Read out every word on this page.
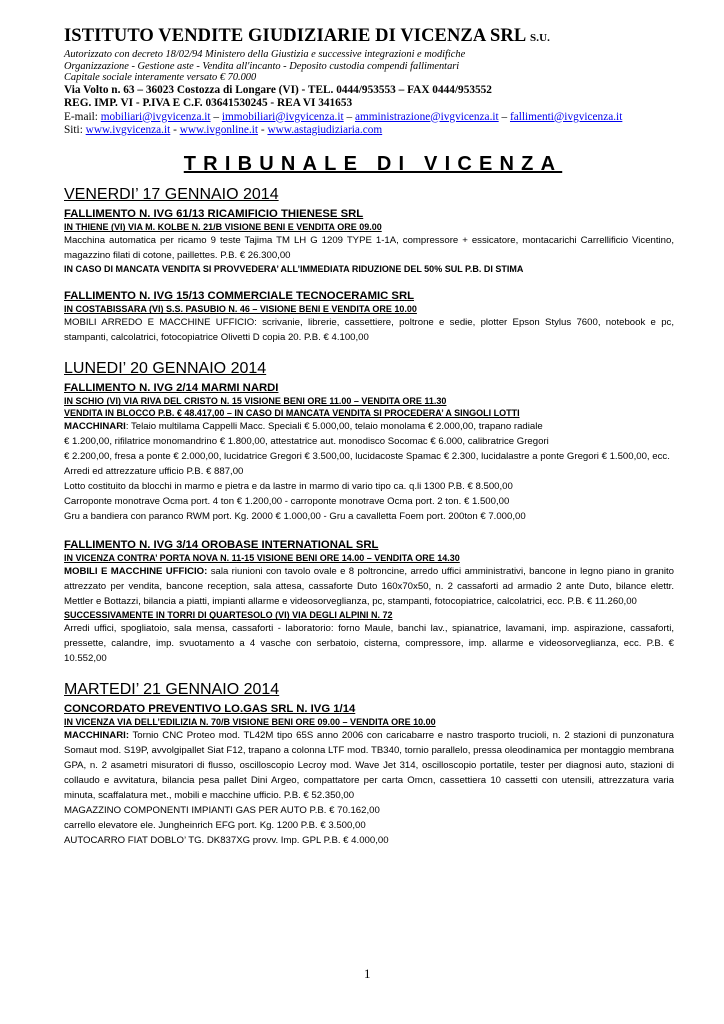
ISTITUTO VENDITE GIUDIZIARIE DI VICENZA SRL S.U.
Autorizzato con decreto 18/02/94 Ministero della Giustizia e successive integrazioni e modifiche
Organizzazione - Gestione aste - Vendita all'incanto - Deposito custodia compendi fallimentari
Capitale sociale interamente versato € 70.000
Via Volto n. 63 – 36023 Costozza di Longare (VI) - TEL. 0444/953553 – FAX 0444/953552
REG. IMP. VI - P.IVA E C.F. 03641530245 - REA VI 341653
E-mail: mobiliari@ivgvicenza.it – immobiliari@ivgvicenza.it – amministrazione@ivgvicenza.it – fallimenti@ivgvicenza.it
Siti: www.ivgvicenza.it - www.ivgonline.it - www.astagiudiziaria.com
TRIBUNALE DI VICENZA
VENERDI’ 17 GENNAIO 2014
FALLIMENTO N. IVG 61/13 RICAMIFICIO THIENESE SRL
IN THIENE (VI) VIA M. KOLBE N. 21/B VISIONE BENI E VENDITA ORE 09.00
Macchina automatica per ricamo 9 teste Tajima TM LH G 1209 TYPE 1-1A, compressore + essicatore, montacarichi Carrellificio Vicentino, magazzino filati di cotone, paillettes. P.B. € 26.300,00
IN CASO DI MANCATA VENDITA SI PROVVEDERA’ ALL’IMMEDIATA RIDUZIONE DEL 50% SUL P.B. DI STIMA
FALLIMENTO N. IVG 15/13 COMMERCIALE TECNOCERAMIC SRL
IN COSTABISSARA (VI) S.S. PASUBIO N. 46 – VISIONE BENI E VENDITA ORE 10.00
MOBILI ARREDO E MACCHINE UFFICIO: scrivanie, librerie, cassettiere, poltrone e sedie, plotter Epson Stylus 7600, notebook e pc, stampanti, calcolatrici, fotocopiatrice Olivetti D copia 20. P.B. € 4.100,00
LUNEDI’ 20 GENNAIO 2014
FALLIMENTO N. IVG 2/14 MARMI NARDI
IN SCHIO (VI) VIA RIVA DEL CRISTO N. 15 VISIONE BENI ORE 11.00 – VENDITA ORE 11.30
VENDITA IN BLOCCO P.B. € 48.417,00 – IN CASO DI MANCATA VENDITA SI PROCEDERA’ A SINGOLI LOTTI
MACCHINARI: Telaio multilama Cappelli Macc. Speciali € 5.000,00, telaio monolama € 2.000,00, trapano radiale
€ 1.200,00, rifilatrice monomandrino € 1.800,00, attestatrice aut. monodisco Socomac € 6.000, calibratrice Gregori
€ 2.200,00, fresa a ponte € 2.000,00, lucidatrice Gregori € 3.500,00, lucidacoste Spamac € 2.300, lucidalastre a ponte Gregori € 1.500,00, ecc.
Arredi ed attrezzature ufficio P.B. € 887,00
Lotto costituito da blocchi in marmo e pietra e da lastre in marmo di vario tipo ca. q.li 1300 P.B. € 8.500,00
Carroponte monotrave Ocma port. 4 ton € 1.200,00 - carroponte monotrave Ocma port. 2 ton. € 1.500,00
Gru a bandiera con paranco RWM port. Kg. 2000 € 1.000,00 - Gru a cavalletta Foem port. 200ton € 7.000,00
FALLIMENTO N. IVG 3/14 OROBASE INTERNATIONAL SRL
IN VICENZA CONTRA’ PORTA NOVA N. 11-15 VISIONE BENI ORE 14.00 – VENDITA ORE 14.30
MOBILI E MACCHINE UFFICIO: sala riunioni con tavolo ovale e 8 poltroncine, arredo uffici amministrativi, bancone in legno piano in granito attrezzato per vendita, bancone reception, sala attesa, cassaforte Duto 160x70x50, n. 2 cassaforti ad armadio 2 ante Duto, bilance elettr. Mettler e Bottazzi, bilancia a piatti, impianti allarme e videosorveglianza, pc, stampanti, fotocopiatrice, calcolatrici, ecc. P.B. € 11.260,00
SUCCESSIVAMENTE IN TORRI DI QUARTESOLO (VI) VIA DEGLI ALPINI N. 72
Arredi uffici, spogliatoio, sala mensa, cassaforti - laboratorio: forno Maule, banchi lav., spianatrice, lavamani, imp. aspirazione, cassaforti, pressette, calandre, imp. svuotamento a 4 vasche con serbatoio, cisterna, compressore, imp. allarme e videosorveglianza, ecc. P.B. € 10.552,00
MARTEDI’ 21 GENNAIO 2014
CONCORDATO PREVENTIVO LO.GAS SRL N. IVG 1/14
IN VICENZA VIA DELL’EDILIZIA N. 70/B VISIONE BENI ORE 09.00 – VENDITA ORE 10.00
MACCHINARI: Tornio CNC Proteo mod. TL42M tipo 65S anno 2006 con caricabarre e nastro trasporto trucioli, n. 2 stazioni di punzonatura Somaut mod. S19P, avvolgipallet Siat F12, trapano a colonna LTF mod. TB340, tornio parallelo, pressa oleodinamica per montaggio membrana GPA, n. 2 asametri misuratori di flusso, oscilloscopio Lecroy mod. Wave Jet 314, oscilloscopio portatile, tester per diagnosi auto, stazioni di collaudo e avvitatura, bilancia pesa pallet Dini Argeo, compattatore per carta Omcn, cassettiera 10 cassetti con utensili, attrezzatura varia minuta, scaffalatura met., mobili e macchine ufficio. P.B. € 52.350,00
MAGAZZINO COMPONENTI IMPIANTI GAS PER AUTO P.B. € 70.162,00
carrello elevatore ele. Jungheinrich EFG port. Kg. 1200 P.B. € 3.500,00
AUTOCARRO FIAT DOBLO’ TG. DK837XG provv. Imp. GPL P.B. € 4.000,00
1
